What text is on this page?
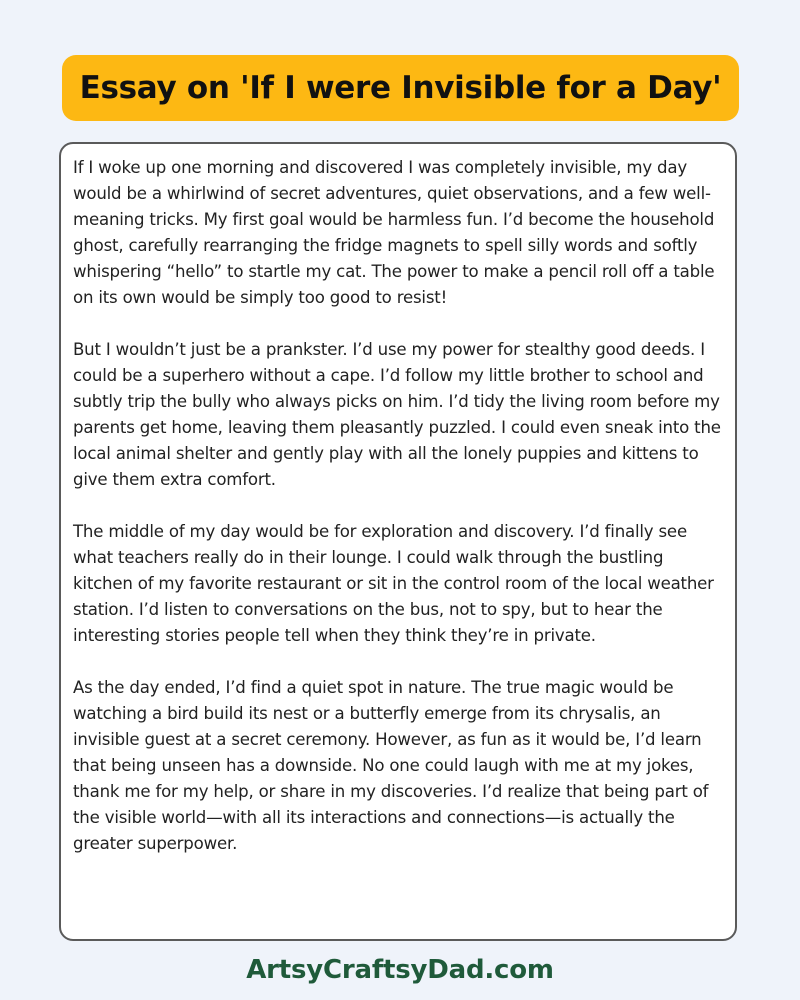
Essay on 'If I were Invisible for a Day'

If I woke up one morning and discovered I was completely invisible, my day would be a whirlwind of secret adventures, quiet observations, and a few well-meaning tricks. My first goal would be harmless fun. I’d become the household ghost, carefully rearranging the fridge magnets to spell silly words and softly whispering “hello” to startle my cat. The power to make a pencil roll off a table on its own would be simply too good to resist!

But I wouldn’t just be a prankster. I’d use my power for stealthy good deeds. I could be a superhero without a cape. I’d follow my little brother to school and subtly trip the bully who always picks on him. I’d tidy the living room before my parents get home, leaving them pleasantly puzzled. I could even sneak into the local animal shelter and gently play with all the lonely puppies and kittens to give them extra comfort.

The middle of my day would be for exploration and discovery. I’d finally see what teachers really do in their lounge. I could walk through the bustling kitchen of my favorite restaurant or sit in the control room of the local weather station. I’d listen to conversations on the bus, not to spy, but to hear the interesting stories people tell when they think they’re in private.

As the day ended, I’d find a quiet spot in nature. The true magic would be watching a bird build its nest or a butterfly emerge from its chrysalis, an invisible guest at a secret ceremony. However, as fun as it would be, I’d learn that being unseen has a downside. No one could laugh with me at my jokes, thank me for my help, or share in my discoveries. I’d realize that being part of the visible world—with all its interactions and connections—is actually the greater superpower.

ArtsyCraftsyDad.com
